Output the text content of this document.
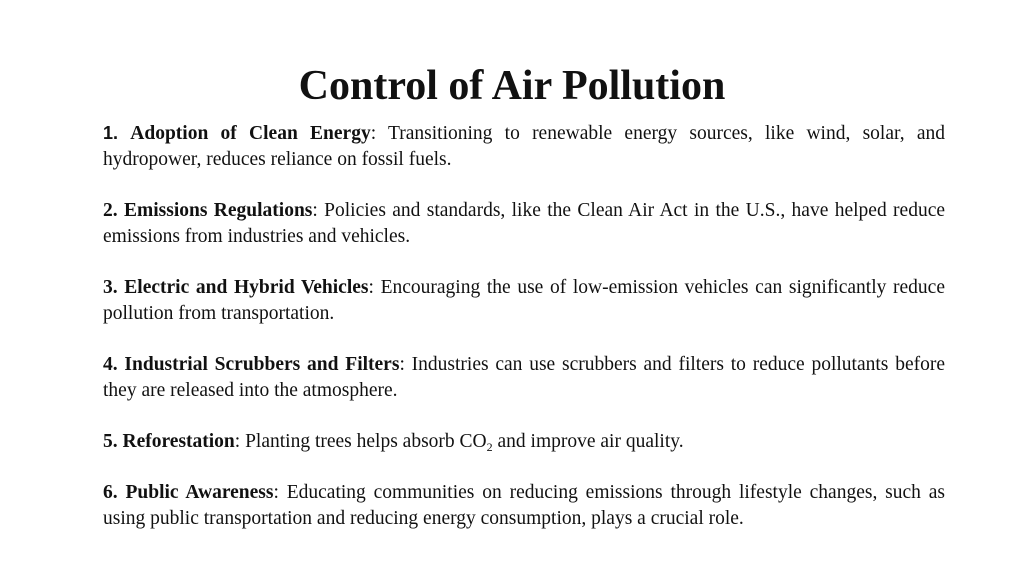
Control of Air Pollution

1. Adoption of Clean Energy: Transitioning to renewable energy sources, like wind, solar, and hydropower, reduces reliance on fossil fuels.

2. Emissions Regulations: Policies and standards, like the Clean Air Act in the U.S., have helped reduce emissions from industries and vehicles.

3. Electric and Hybrid Vehicles: Encouraging the use of low-emission vehicles can significantly reduce pollution from transportation.

4. Industrial Scrubbers and Filters: Industries can use scrubbers and filters to reduce pollutants before they are released into the atmosphere.

5. Reforestation: Planting trees helps absorb $CO_2$ and improve air quality.

6. Public Awareness: Educating communities on reducing emissions through lifestyle changes, such as using public transportation and reducing energy consumption, plays a crucial role.
